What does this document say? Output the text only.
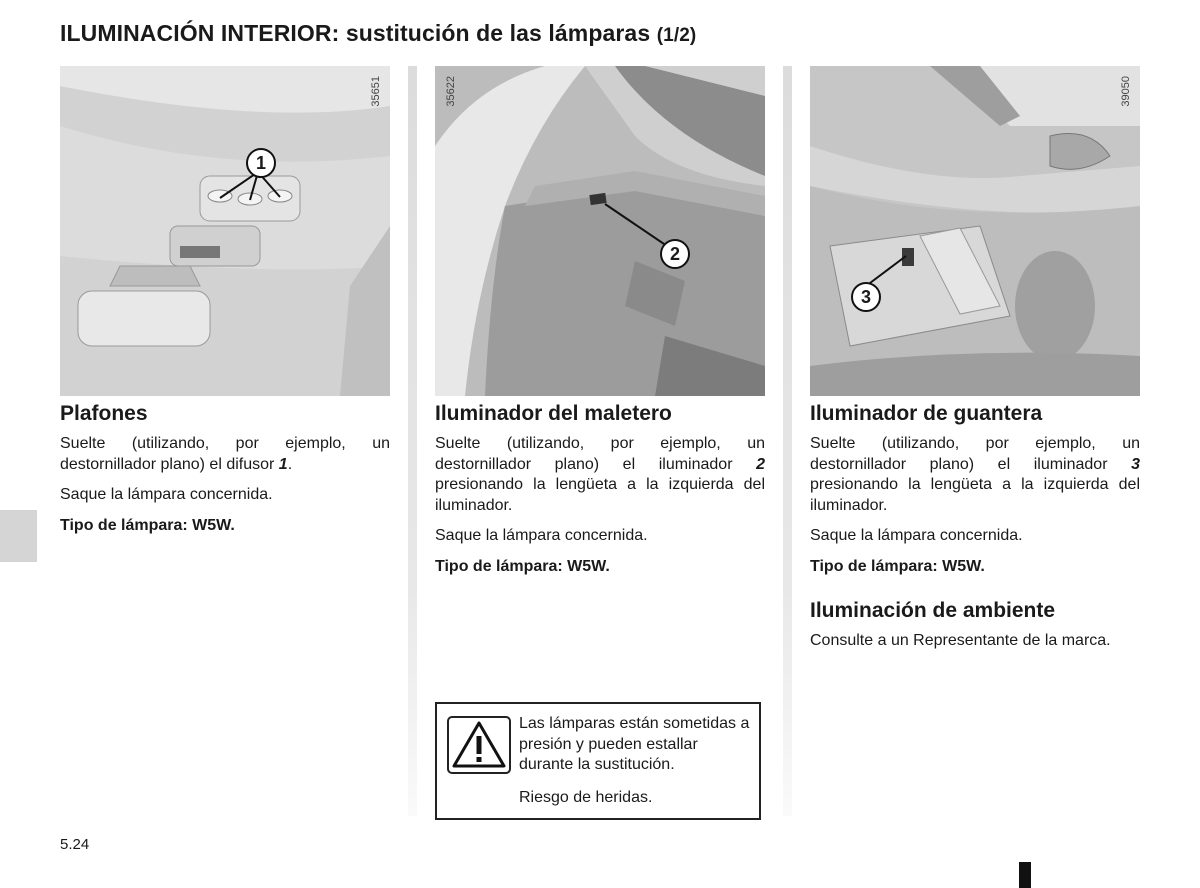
ILUMINACIÓN INTERIOR: sustitución de las lámparas (1/2)
35651
1
Plafones

Suelte (utilizando, por ejemplo, un destornillador plano) el difusor 1.

Saque la lámpara concernida.

Tipo de lámpara: W5W.

35622
2
Iluminador del maletero

Suelte (utilizando, por ejemplo, un destornillador plano) el iluminador 2 presionando la lengüeta a la izquierda del iluminador.

Saque la lámpara concernida.

Tipo de lámpara: W5W.

39050
3
Iluminador de guantera

Suelte (utilizando, por ejemplo, un destornillador plano) el iluminador 3 presionando la lengüeta a la izquierda del iluminador.

Saque la lámpara concernida.

Tipo de lámpara: W5W.

Iluminación de ambiente

Consulte a un Representante de la marca.

Las lámparas están sometidas a presión y pueden estallar durante la sustitución.

Riesgo de heridas.

5.24
